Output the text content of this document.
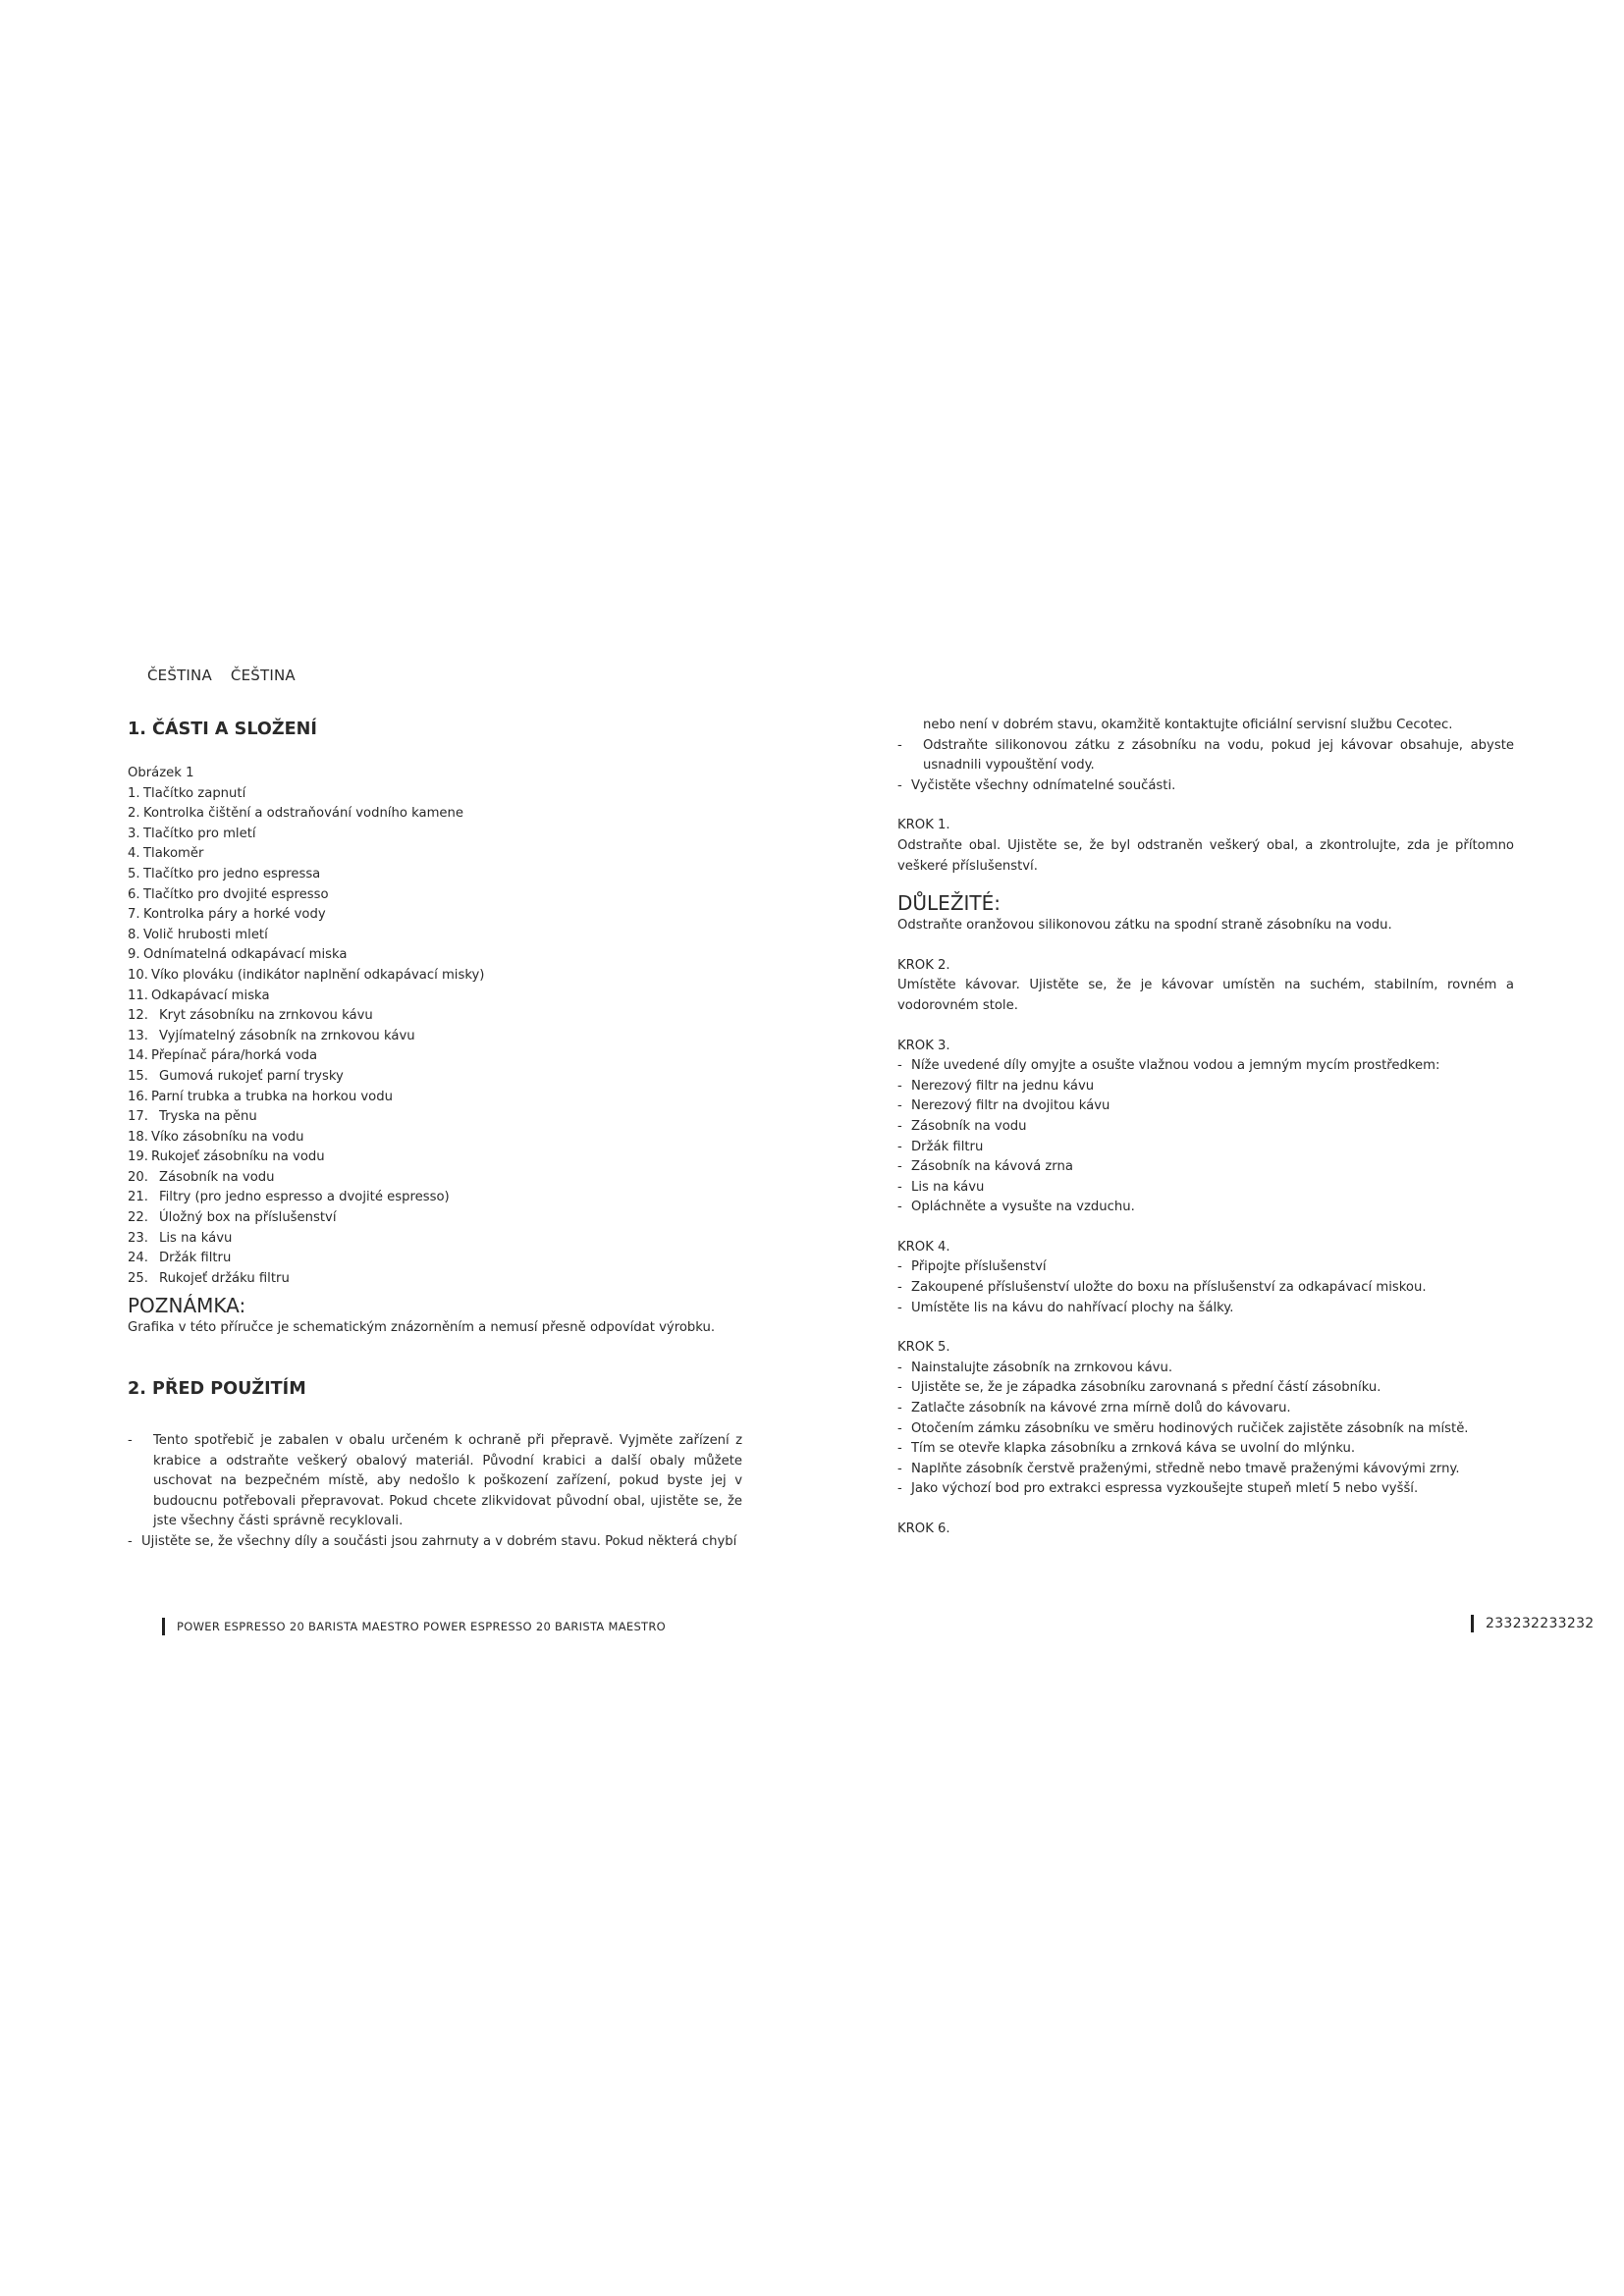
ČEŠTINA ČEŠTINA
1. ČÁSTI A SLOŽENÍ
Obrázek 1
1. Tlačítko zapnutí
2. Kontrolka čištění a odstraňování vodního kamene
3. Tlačítko pro mletí
4. Tlakoměr
5. Tlačítko pro jedno espressa
6. Tlačítko pro dvojité espresso
7. Kontrolka páry a horké vody
8. Volič hrubosti mletí
9. Odnímatelná odkapávací miska
10. Víko plováku (indikátor naplnění odkapávací misky)
11. Odkapávací miska
12. Kryt zásobníku na zrnkovou kávu
13. Vyjímatelný zásobník na zrnkovou kávu
14. Přepínač pára/horká voda
15. Gumová rukojeť parní trysky
16. Parní trubka a trubka na horkou vodu
17. Tryska na pěnu
18. Víko zásobníku na vodu
19. Rukojeť zásobníku na vodu
20. Zásobník na vodu
21. Filtry (pro jedno espresso a dvojité espresso)
22. Úložný box na příslušenství
23. Lis na kávu
24. Držák filtru
25. Rukojeť držáku filtru
POZNÁMKA:
Grafika v této příručce je schematickým znázorněním a nemusí přesně odpovídat výrobku.
2. PŘED POUŽITÍM
-	Tento spotřebič je zabalen v obalu určeném k ochraně při přepravě. Vyjměte zařízení z krabice a odstraňte veškerý obalový materiál. Původní krabici a další obaly můžete uschovat na bezpečném místě, aby nedošlo k poškození zařízení, pokud byste jej v budoucnu potřebovali přepravovat. Pokud chcete zlikvidovat původní obal, ujistěte se, že jste všechny části správně recyklovali.
- Ujistěte se, že všechny díly a součásti jsou zahrnuty a v dobrém stavu. Pokud některá chybí
nebo není v dobrém stavu, okamžitě kontaktujte oficiální servisní službu Cecotec.
-	Odstraňte silikonovou zátku z zásobníku na vodu, pokud jej kávovar obsahuje, abyste usnadnili vypouštění vody.
- Vyčistěte všechny odnímatelné součásti.
KROK 1.
Odstraňte obal. Ujistěte se, že byl odstraněn veškerý obal, a zkontrolujte, zda je přítomno veškeré příslušenství.
DŮLEŽITÉ:
Odstraňte oranžovou silikonovou zátku na spodní straně zásobníku na vodu.
KROK 2.
Umístěte kávovar. Ujistěte se, že je kávovar umístěn na suchém, stabilním, rovném a vodorovném stole.
KROK 3.
- Níže uvedené díly omyjte a osušte vlažnou vodou a jemným mycím prostředkem:
- Nerezový filtr na jednu kávu
- Nerezový filtr na dvojitou kávu
- Zásobník na vodu
- Držák filtru
- Zásobník na kávová zrna
- Lis na kávu
- Opláchněte a vysušte na vzduchu.
KROK 4.
- Připojte příslušenství
- Zakoupené příslušenství uložte do boxu na příslušenství za odkapávací miskou.
- Umístěte lis na kávu do nahřívací plochy na šálky.
KROK 5.
- Nainstalujte zásobník na zrnkovou kávu.
- Ujistěte se, že je západka zásobníku zarovnaná s přední částí zásobníku.
- Zatlačte zásobník na kávové zrna mírně dolů do kávovaru.
- Otočením zámku zásobníku ve směru hodinových ručiček zajistěte zásobník na místě.
- Tím se otevře klapka zásobníku a zrnková káva se uvolní do mlýnku.
- Naplňte zásobník čerstvě praženými, středně nebo tmavě praženými kávovými zrny.
- Jako výchozí bod pro extrakci espressa vyzkoušejte stupeň mletí 5 nebo vyšší.
KROK 6.
POWER ESPRESSO 20 BARISTA MAESTRO POWER ESPRESSO 20 BARISTA MAESTRO	233232233232
